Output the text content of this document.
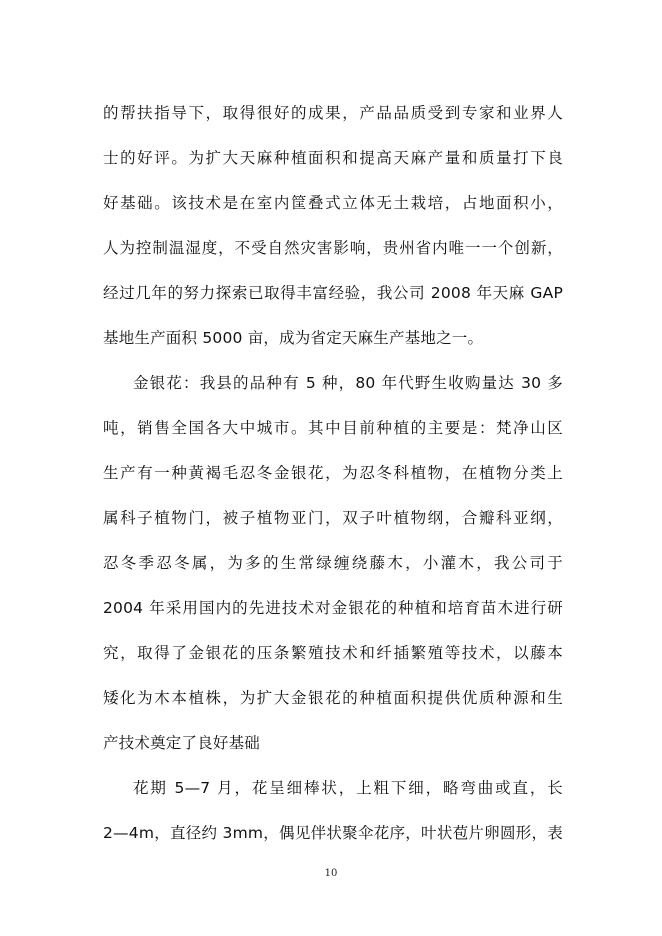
的帮扶指导下，取得很好的成果，产品品质受到专家和业界人
士的好评。为扩大天麻种植面积和提高天麻产量和质量打下良
好基础。该技术是在室内筐叠式立体无土栽培，占地面积小，
人为控制温湿度，不受自然灾害影响，贵州省内唯一一个创新，
经过几年的努力探索已取得丰富经验，我公司 2008 年天麻 GAP
基地生产面积 5000 亩，成为省定天麻生产基地之一。
金银花：我县的品种有 5 种，80 年代野生收购量达 30 多
吨，销售全国各大中城市。其中目前种植的主要是：梵净山区
生产有一种黄褐毛忍冬金银花，为忍冬科植物，在植物分类上
属科子植物门，被子植物亚门，双子叶植物纲，合瓣科亚纲，
忍冬季忍冬属，为多的生常绿缠绕藤木，小灌木，我公司于
2004 年采用国内的先进技术对金银花的种植和培育苗木进行研
究，取得了金银花的压条繁殖技术和纤插繁殖等技术，以藤本
矮化为木本植株，为扩大金银花的种植面积提供优质种源和生
产技术奠定了良好基础
花期 5—7 月，花呈细棒状，上粗下细，略弯曲或直，长
2—4m，直径约 3mm，偶见伴状聚伞花序，叶状苞片卵圆形，表
10
